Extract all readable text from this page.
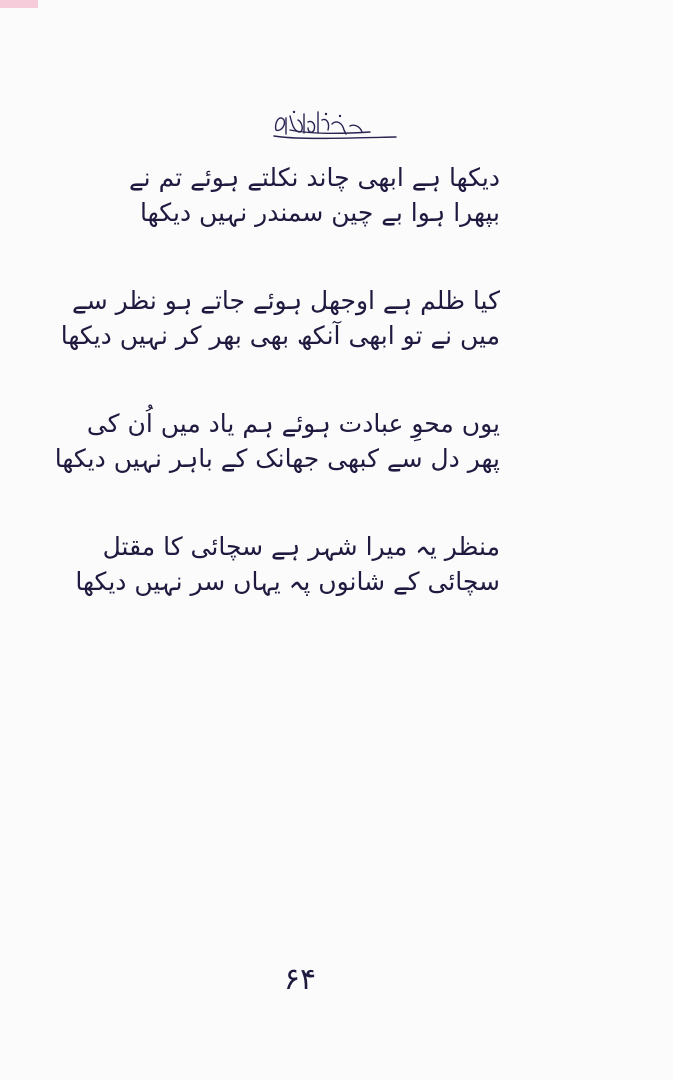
دیکھا ہے ابھی چاند نکلتے ہوئے تم نے
بپھرا ہوا بے چین سمندر نہیں دیکھا
کیا ظلم ہے اوجھل ہوئے جاتے ہو نظر سے
میں نے تو ابھی آنکھ بھی بھر کر نہیں دیکھا
یوں محوِ عبادت ہوئے ہم یاد میں اُن کی
پھر دل سے کبھی جھانک کے باہر نہیں دیکھا
منظر یہ میرا شہر ہے سچائی کا مقتل
سچائی کے شانوں پہ یہاں سر نہیں دیکھا
۶۴
